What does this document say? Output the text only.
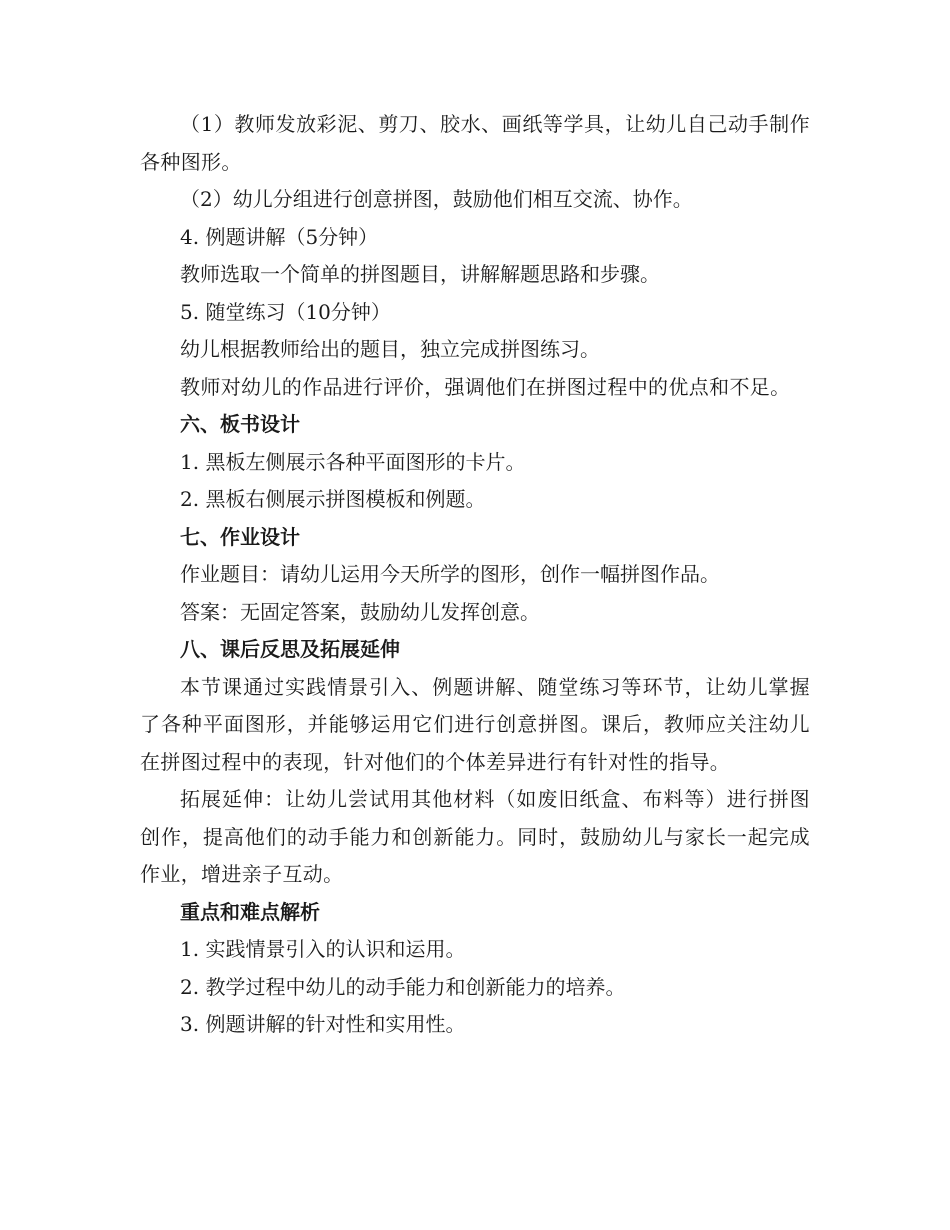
（1）教师发放彩泥、剪刀、胶水、画纸等学具，让幼儿自己动手制作各种图形。

（2）幼儿分组进行创意拼图，鼓励他们相互交流、协作。

4. 例题讲解（5分钟）

教师选取一个简单的拼图题目，讲解解题思路和步骤。

5. 随堂练习（10分钟）

幼儿根据教师给出的题目，独立完成拼图练习。

教师对幼儿的作品进行评价，强调他们在拼图过程中的优点和不足。

六、板书设计

1. 黑板左侧展示各种平面图形的卡片。

2. 黑板右侧展示拼图模板和例题。

七、作业设计

作业题目：请幼儿运用今天所学的图形，创作一幅拼图作品。

答案：无固定答案，鼓励幼儿发挥创意。

八、课后反思及拓展延伸

本节课通过实践情景引入、例题讲解、随堂练习等环节，让幼儿掌握了各种平面图形，并能够运用它们进行创意拼图。课后，教师应关注幼儿在拼图过程中的表现，针对他们的个体差异进行有针对性的指导。

拓展延伸：让幼儿尝试用其他材料（如废旧纸盒、布料等）进行拼图创作，提高他们的动手能力和创新能力。同时，鼓励幼儿与家长一起完成作业，增进亲子互动。

重点和难点解析

1. 实践情景引入的认识和运用。

2. 教学过程中幼儿的动手能力和创新能力的培养。

3. 例题讲解的针对性和实用性。
